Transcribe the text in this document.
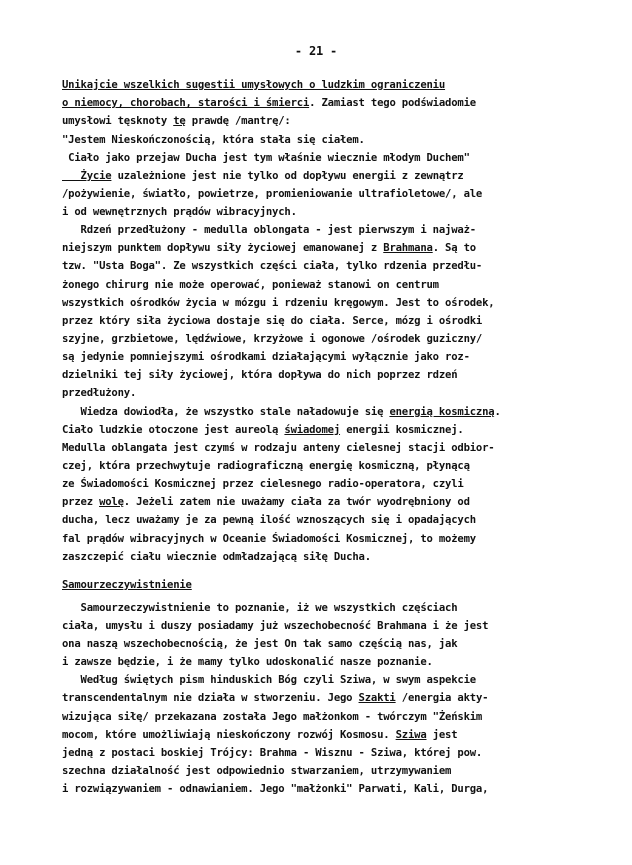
- 21 -
Unikajcie wszelkich sugestii umysłowych o ludzkim ograniczeniu
o niemocy, chorobach, starości i śmierci. Zamiast tego podświadomie
umysłowi tęsknoty tę prawdę /mantrę/:
"Jestem Nieskończonością, która stała się ciałem.
Ciało jako przejaw Ducha jest tym właśnie wiecznie młodym Duchem"
Życie uzależnione jest nie tylko od dopływu energii z zewnątrz
/pożywienie, światło, powietrze, promieniowanie ultrafioletowe/, ale
i od wewnętrznych prądów wibracyjnych.
Rdzeń przedłużony - medulla oblongata - jest pierwszym i najważ-
niejszym punktem dopływu siły życiowej emanowanej z Brahmana. Są to
tzw. "Usta Boga". Ze wszystkich części ciała, tylko rdzenia przedłu-
żonego chirurg nie może operować, ponieważ stanowi on centrum
wszystkich ośrodków życia w mózgu i rdzeniu kręgowym. Jest to ośrodek,
przez który siła życiowa dostaje się do ciała. Serce, mózg i ośrodki
szyjne, grzbietowe, lędźwiowe, krzyżowe i ogonowe /ośrodek guziczny/
są jedynie pomniejszymi ośrodkami działającymi wyłącznie jako roz-
dzielniki tej siły życiowej, która dopływa do nich poprzez rdzeń
przedłużony.
Wiedza dowiodła, że wszystko stale naładowuje się energią kosmiczną.
Ciało ludzkie otoczone jest aureolą świadomej energii kosmicznej.
Medulla oblangata jest czymś w rodzaju anteny cielesnej stacji odbior-
czej, która przechwytuje radiograficzną energię kosmiczną, płynącą
ze Świadomości Kosmicznej przez cielesnego radio-operatora, czyli
przez wolę. Jeżeli zatem nie uważamy ciała za twór wyodrębniony od
ducha, lecz uważamy je za pewną ilość wznoszących się i opadających
fal prądów wibracyjnych w Oceanie Świadomości Kosmicznej, to możemy
zaszczepić ciału wiecznie odmładzającą siłę Ducha.
Samourzeczywistnienie
Samourzeczywistnienie to poznanie, iż we wszystkich częściach
ciała, umysłu i duszy posiadamy już wszechobecność Brahmana i że jest
ona naszą wszechobecnością, że jest On tak samo częścią nas, jak
i zawsze będzie, i że mamy tylko udoskonalić nasze poznanie.
Według świętych pism hinduskich Bóg czyli Sziwa, w swym aspekcie
transcendentalnym nie działa w stworzeniu. Jego Szakti /energia akty-
wizująca siłę/ przekazana została Jego małżonkom - twórczym "Żeńskim
mocom, które umożliwiają nieskończony rozwój Kosmosu. Sziwa jest
jedną z postaci boskiej Trójcy: Brahma - Wisznu - Sziwa, której pow.
szechna działalność jest odpowiednio stwarzaniem, utrzymywaniem
i rozwiązywaniem - odnawianiem. Jego "małżonki" Parwati, Kali, Durga,
